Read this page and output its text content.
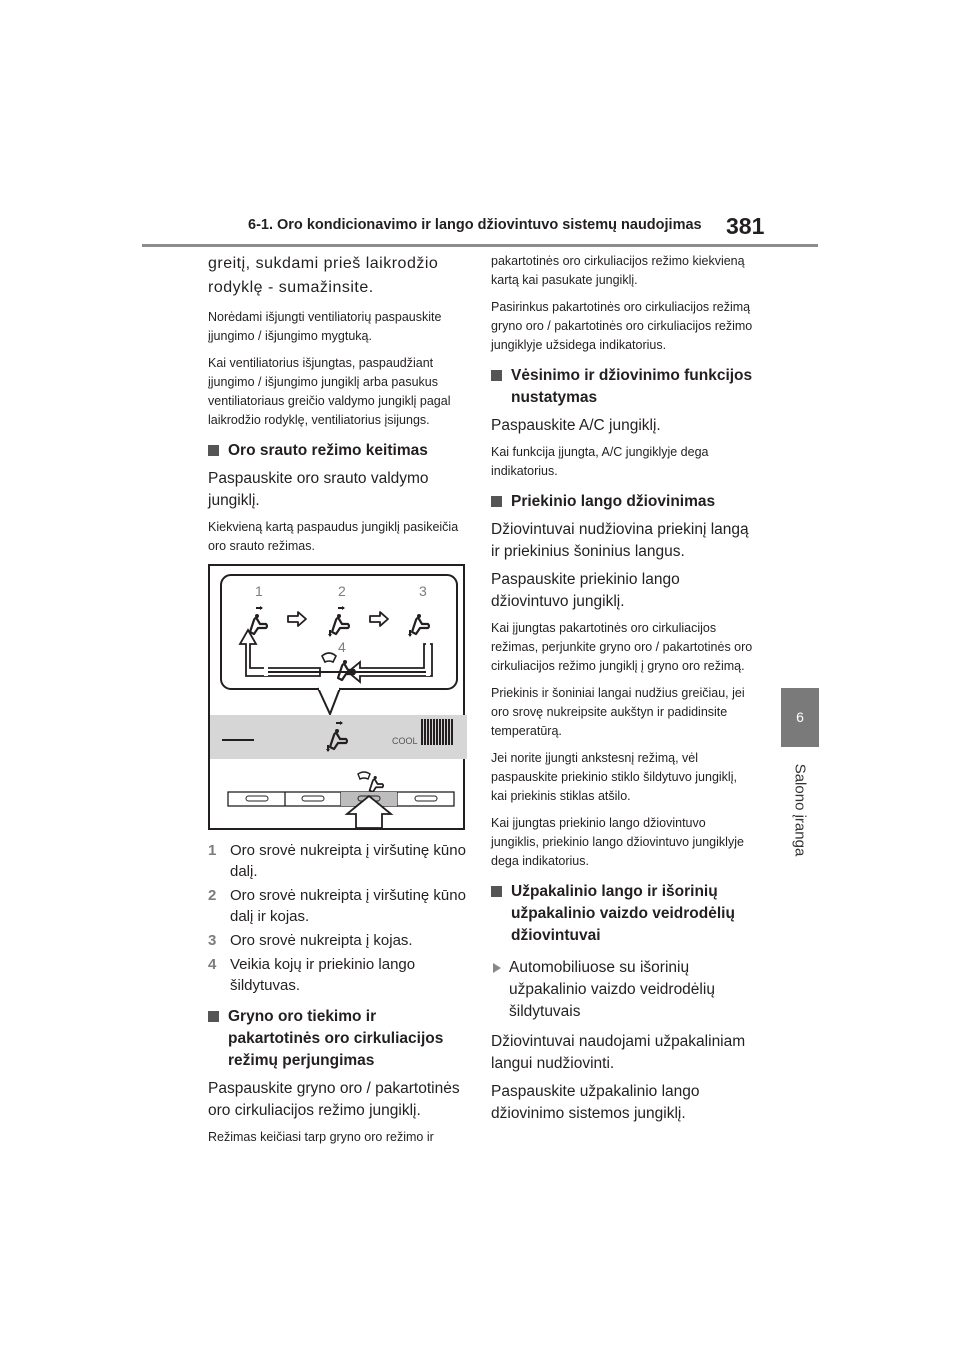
6-1. Oro kondicionavimo ir lango džiovintuvo sistemų naudojimas 381
6
Salono įranga

greitį, sukdami prieš laikrodžio rodyklę - sumažinsite.

Norėdami išjungti ventiliatorių paspauskite įjungimo / išjungimo mygtuką.

Kai ventiliatorius išjungtas, paspaudžiant įjungimo / išjungimo jungiklį arba pasukus ventiliatoriaus greičio valdymo jungiklį pagal laikrodžio rodyklę, ventiliatorius įsijungs.

Oro srauto režimo keitimas

Paspauskite oro srauto valdymo jungiklį.

Kiekvieną kartą paspaudus jungiklį pasikeičia oro srauto režimas.

1	2	3
4
COOL
1 Oro srovė nukreipta į viršutinę kūno dalį.
2 Oro srovė nukreipta į viršutinę kūno dalį ir kojas.
3 Oro srovė nukreipta į kojas.
4 Veikia kojų ir priekinio lango šildytuvas.
Gryno oro tiekimo ir pakartotinės oro cirkuliacijos režimų perjungimas

Paspauskite gryno oro / pakartotinės oro cirkuliacijos režimo jungiklį.

Režimas keičiasi tarp gryno oro režimo ir

pakartotinės oro cirkuliacijos režimo kiekvieną kartą kai pasukate jungiklį.

Pasirinkus pakartotinės oro cirkuliacijos režimą gryno oro / pakartotinės oro cirkuliacijos režimo jungiklyje užsidega indikatorius.

Vėsinimo ir džiovinimo funkcijos nustatymas

Paspauskite A/C jungiklį.

Kai funkcija įjungta, A/C jungiklyje dega indikatorius.

Priekinio lango džiovinimas

Džiovintuvai nudžiovina priekinį langą ir priekinius šoninius langus.

Paspauskite priekinio lango džiovintuvo jungiklį.

Kai įjungtas pakartotinės oro cirkuliacijos režimas, perjunkite gryno oro / pakartotinės oro cirkuliacijos režimo jungiklį į gryno oro režimą.

Priekinis ir šoniniai langai nudžius greičiau, jei oro srovę nukreipsite aukštyn ir padidinsite temperatūrą.

Jei norite įjungti ankstesnį režimą, vėl paspauskite priekinio stiklo šildytuvo jungiklį, kai priekinis stiklas atšilo.

Kai įjungtas priekinio lango džiovintuvo jungiklis, priekinio lango džiovintuvo jungiklyje dega indikatorius.

Užpakalinio lango ir išorinių užpakalinio vaizdo veidrodėlių džiovintuvai
Automobiliuose su išorinių užpakalinio vaizdo veidrodėlių šildytuvais

Džiovintuvai naudojami užpakaliniam langui nudžiovinti.

Paspauskite užpakalinio lango džiovinimo sistemos jungiklį.
